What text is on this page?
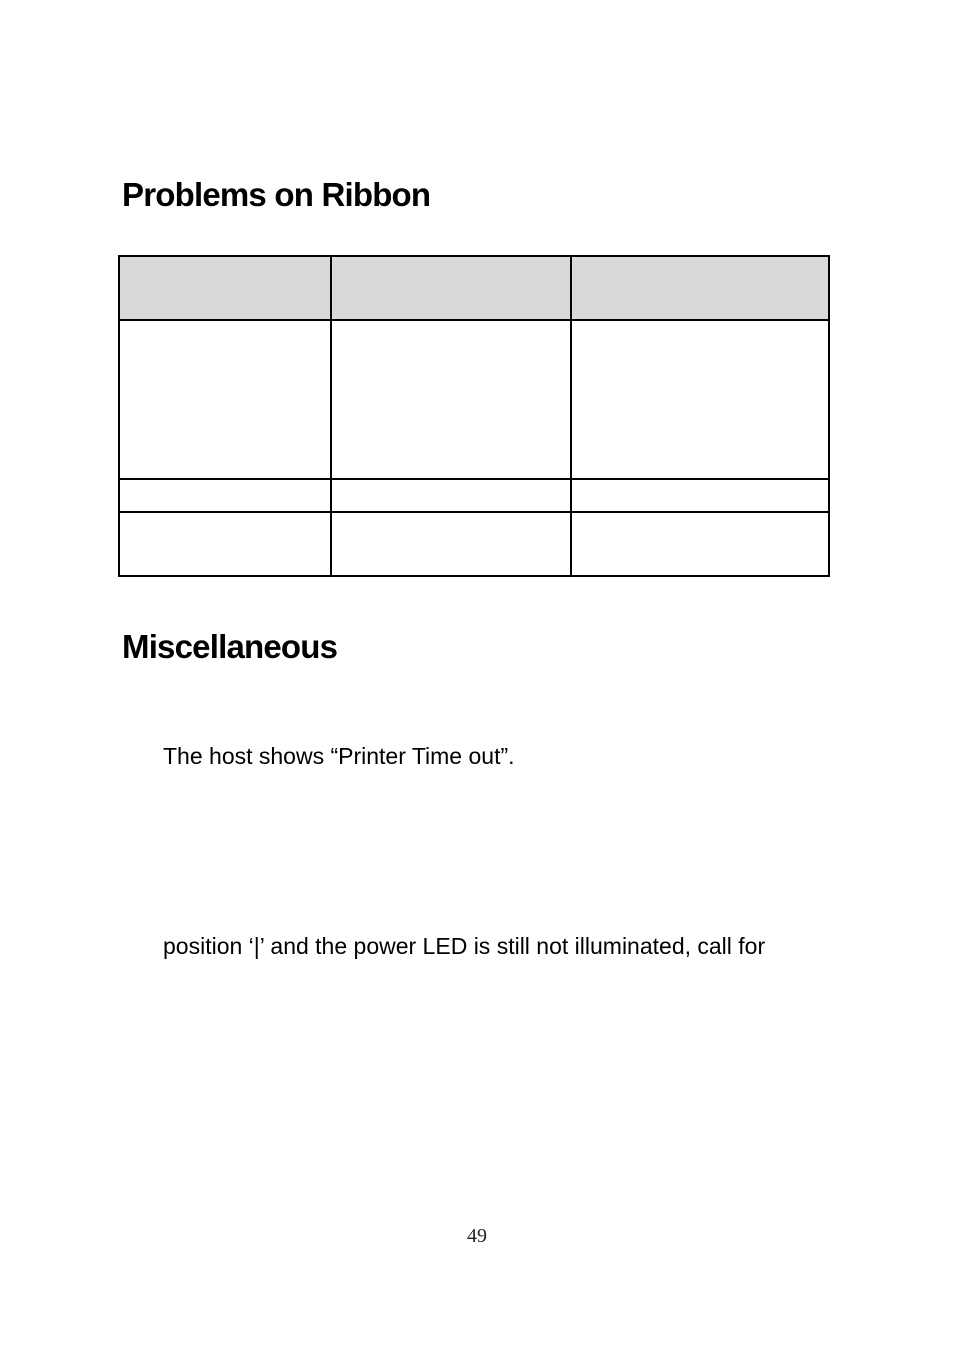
Problems on Ribbon

Miscellaneous

The host shows “Printer Time out”.

position ‘|’ and the power LED is still not illuminated, call for

49
